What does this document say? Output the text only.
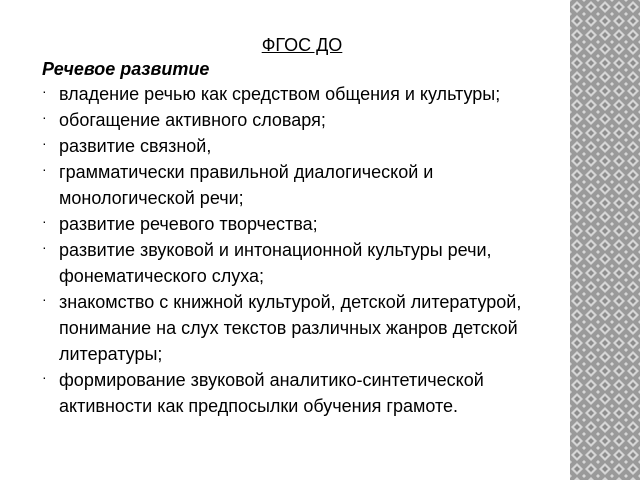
ФГОС ДО
Речевое развитие
· владение речью как средством общения и культуры;
· обогащение активного словаря;
· развитие связной,
· грамматически правильной диалогической и монологической речи;
· развитие речевого творчества;
· развитие звуковой и интонационной культуры речи, фонематического слуха;
· знакомство с книжной культурой, детской литературой, понимание на слух текстов различных жанров детской литературы;
· формирование звуковой аналитико-синтетической активности как предпосылки обучения грамоте.
